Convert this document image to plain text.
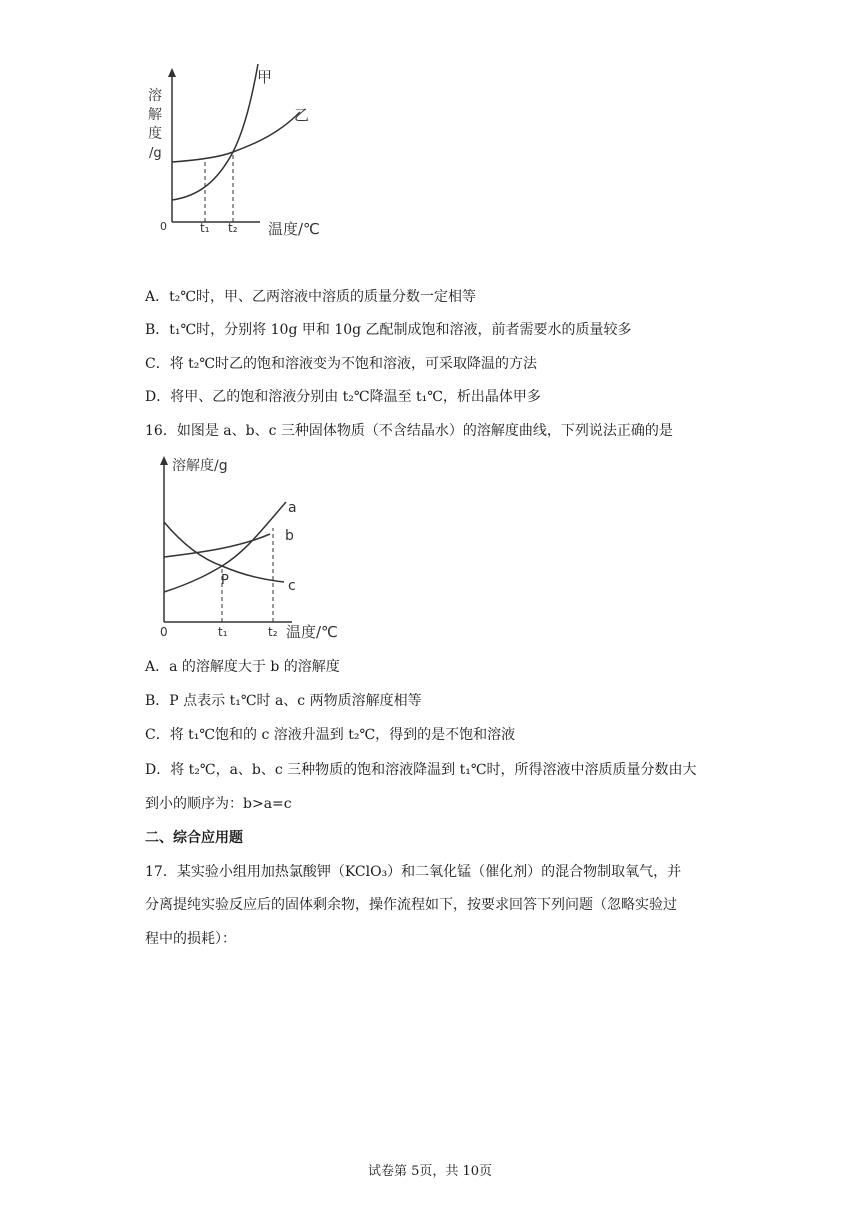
溶
解
度
/g
0	t₁ t₂ 温度/℃
甲
乙
A．t₂℃时，甲、乙两溶液中溶质的质量分数一定相等
B．t₁℃时，分别将 10g 甲和 10g 乙配制成饱和溶液，前者需要水的质量较多
C．将 t₂℃时乙的饱和溶液变为不饱和溶液，可采取降温的方法
D．将甲、乙的饱和溶液分别由 t₂℃降温至 t₁℃，析出晶体甲多
16．如图是 a、b、c 三种固体物质（不含结晶水）的溶解度曲线，下列说法正确的是
溶解度/g
0	t₁	t₂ 温度/℃
a
b
c
P
A．a 的溶解度大于 b 的溶解度
B．P 点表示 t₁℃时 a、c 两物质溶解度相等
C．将 t₁℃饱和的 c 溶液升温到 t₂℃，得到的是不饱和溶液
D．将 t₂℃，a、b、c 三种物质的饱和溶液降温到 t₁℃时，所得溶液中溶质质量分数由大
到小的顺序为：b>a=c
二、综合应用题
17．某实验小组用加热氯酸钾（KClO₃）和二氧化锰（催化剂）的混合物制取氧气，并
分离提纯实验反应后的固体剩余物，操作流程如下，按要求回答下列问题（忽略实验过
程中的损耗）：
试卷第 5页，共 10页
